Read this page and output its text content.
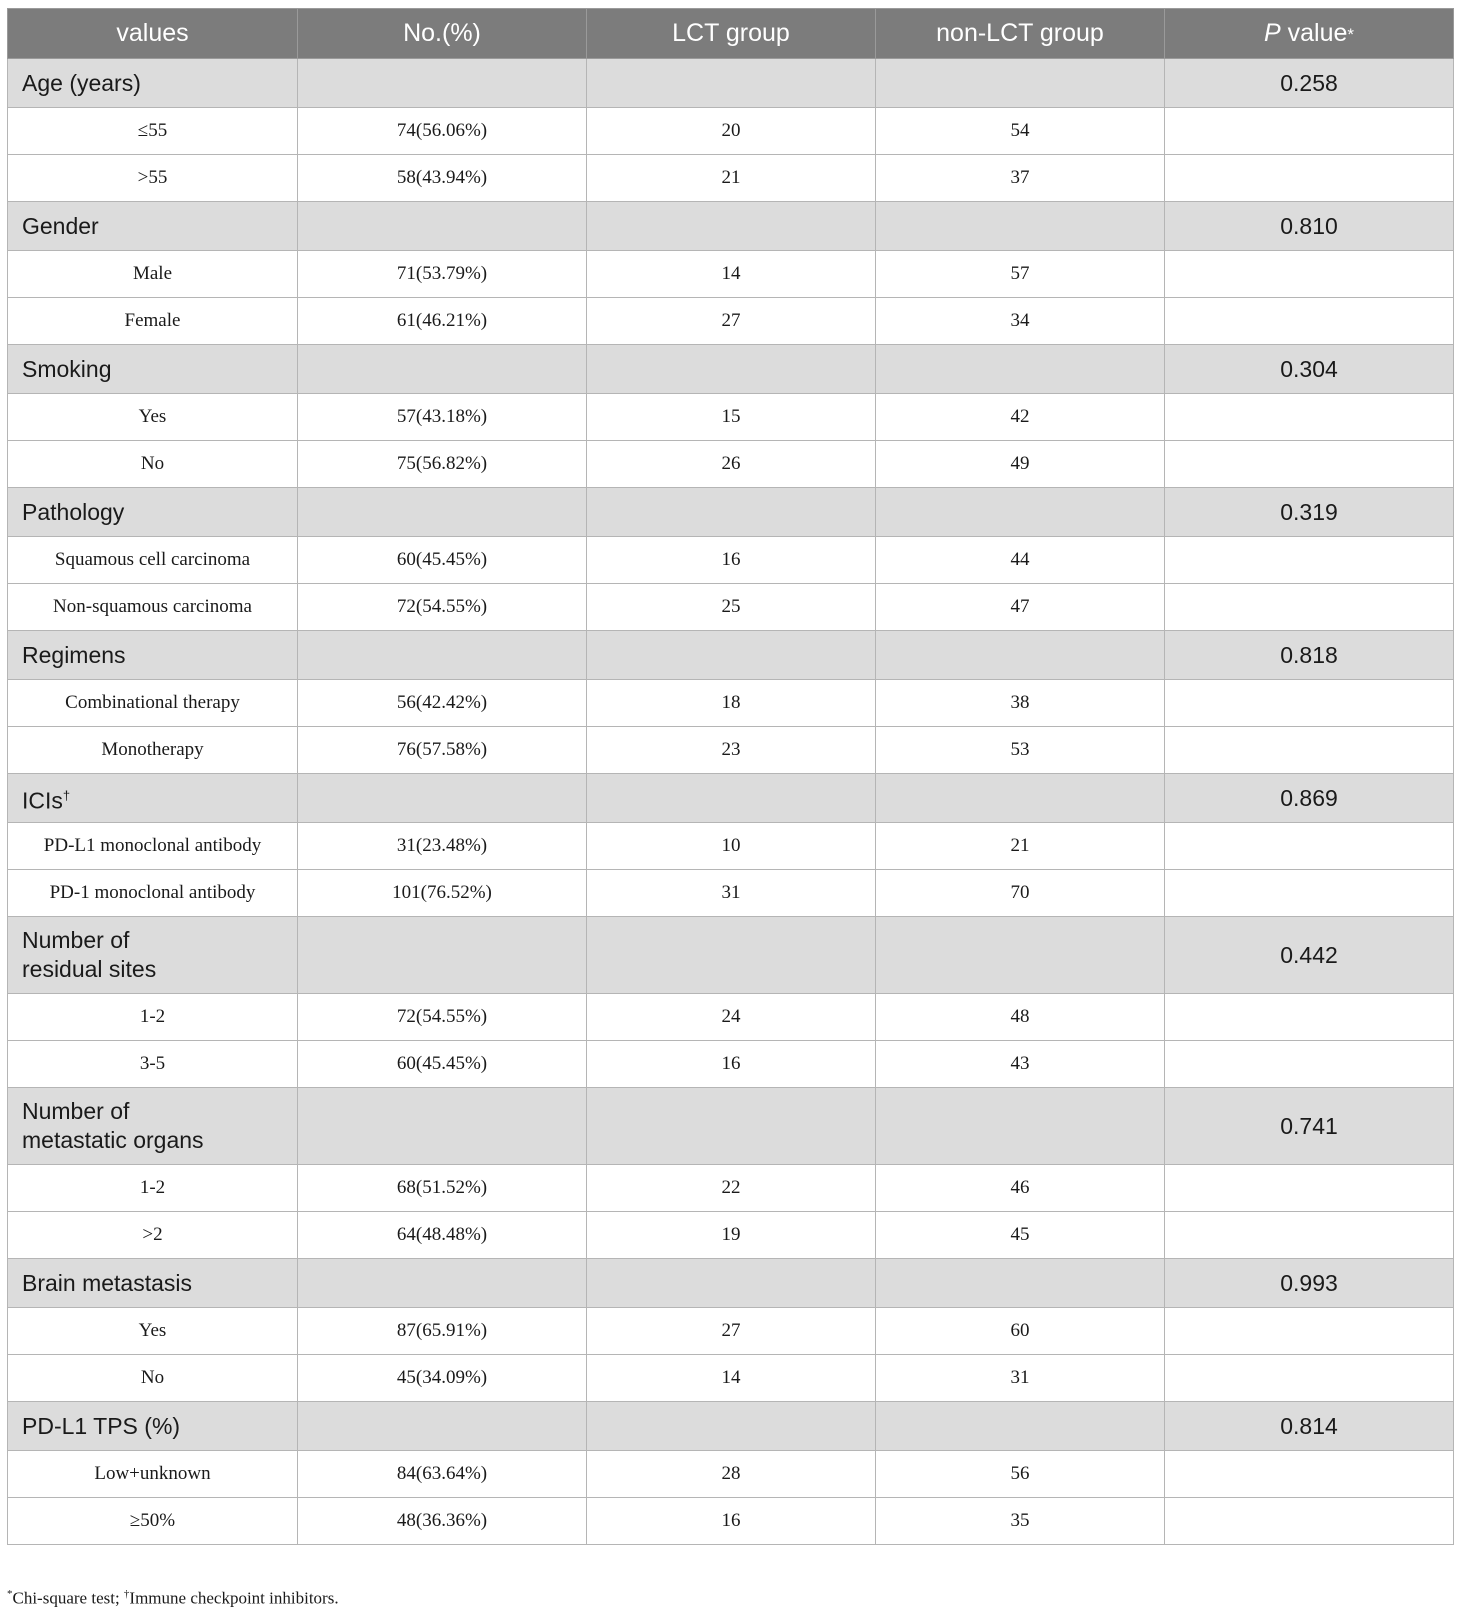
values	No.(%)	LCT group	non-LCT group	P value*
Age (years)				0.258
≤55	74(56.06%)	20	54	
>55	58(43.94%)	21	37	
Gender				0.810
Male	71(53.79%)	14	57	
Female	61(46.21%)	27	34	
Smoking				0.304
Yes	57(43.18%)	15	42	
No	75(56.82%)	26	49	
Pathology				0.319
Squamous cell carcinoma	60(45.45%)	16	44	
Non-squamous carcinoma	72(54.55%)	25	47	
Regimens				0.818
Combinational therapy	56(42.42%)	18	38	
Monotherapy	76(57.58%)	23	53	
ICIs†				0.869
PD-L1 monoclonal antibody	31(23.48%)	10	21	
PD-1 monoclonal antibody	101(76.52%)	31	70	
Number of
residual sites				0.442
1-2	72(54.55%)	24	48	
3-5	60(45.45%)	16	43	
Number of
metastatic organs				0.741
1-2	68(51.52%)	22	46	
>2	64(48.48%)	19	45	
Brain metastasis				0.993
Yes	87(65.91%)	27	60	
No	45(34.09%)	14	31	
PD-L1 TPS (%)				0.814
Low+unknown	84(63.64%)	28	56	
≥50%	48(36.36%)	16	35	
*Chi-square test; †Immune checkpoint inhibitors.
